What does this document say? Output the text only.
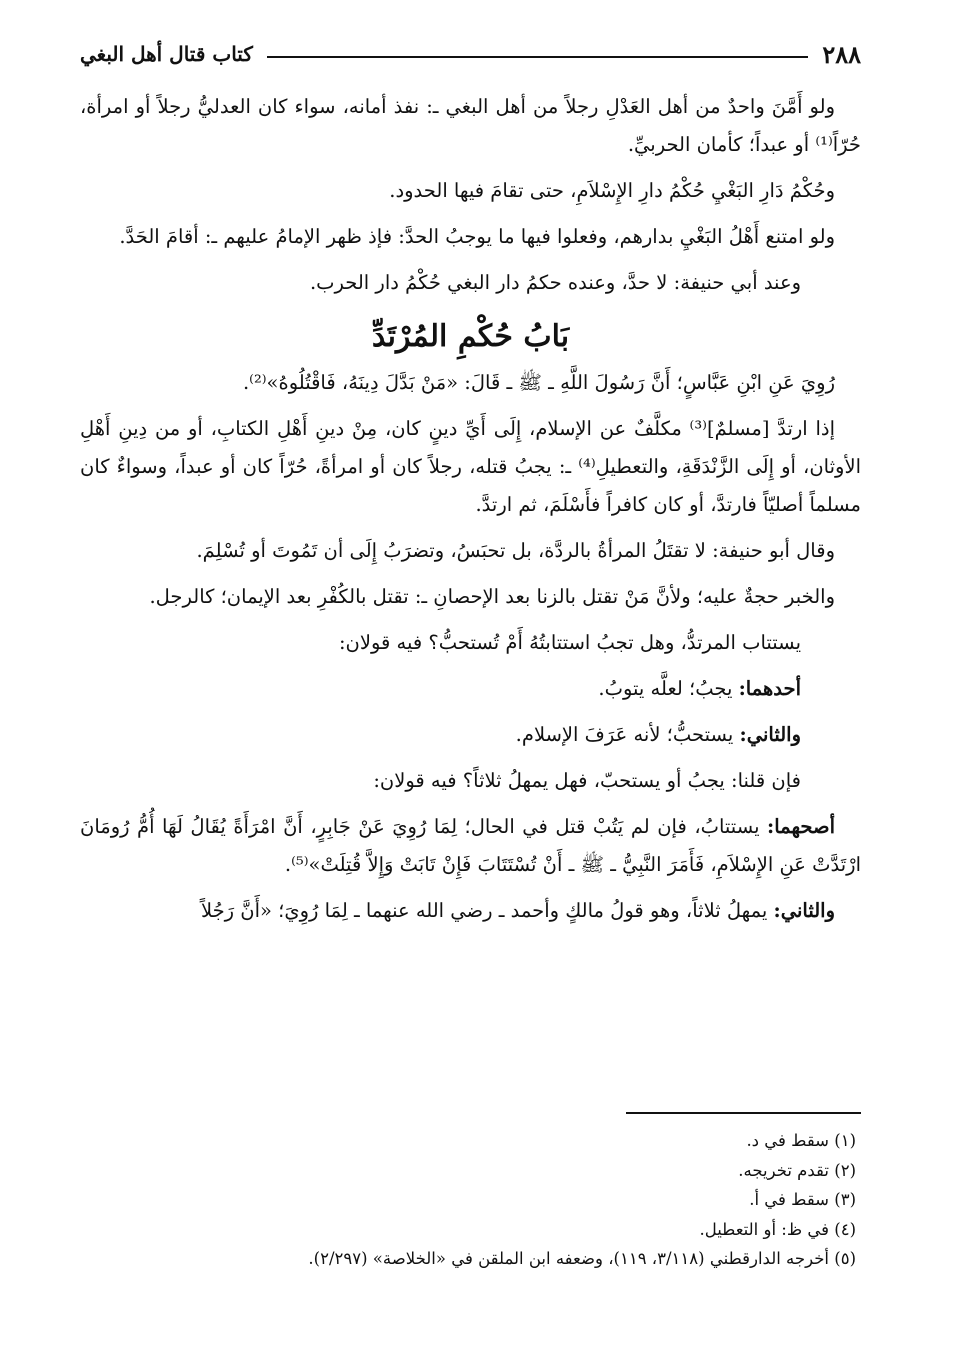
٢٨٨
كتاب قتال أهل البغي

ولو أَمَّنَ واحدٌ من أهل العَدْلِ رجلاً من أهل البغي ـ: نفذ أمانه، سواء كان العدليُّ رجلاً أو امرأة، حُرّاً⁽¹⁾ أو عبداً؛ كأمان الحربيِّ.

وحُكْمُ دَارِ البَغْيِ حُكْمُ دارِ الإِسْلاَمِ، حتى تقامَ فيها الحدود.

ولو امتنع أَهْلُ البَغْيِ بدارهم، وفعلوا فيها ما يوجبُ الحدَّ: فإذ ظهر الإمامُ عليهم ـ: أقامَ الحَدَّ.

وعند أبي حنيفة: لا حدَّ، وعنده حكمُ دار البغي حُكْمُ دار الحرب.

بَابُ حُكْمِ المُرْتَدِّ

رُوِيَ عَنِ ابْنِ عَبَّاسٍ؛ أَنَّ رَسُولَ اللَّهِ ـ ﷺ ـ قَالَ: «مَنْ بَدَّلَ دِينَهُ، فَاقْتُلُوهُ»⁽²⁾.

إذا ارتدَّ [مسلمٌ]⁽³⁾ مكلَّفٌ عن الإسلام، إِلَى أَيِّ دينٍ كان، مِنْ دينِ أَهْلِ الكتابِ، أو من دِينِ أَهْلِ الأوثان، أو إِلَى الزَّنْدَقَةِ، والتعطيلِ⁽⁴⁾ ـ: يجبُ قتله، رجلاً كان أو امرأةً، حُرّاً كان أو عبداً، وسواءٌ كان مسلماً أصليّاً فارتدَّ، أو كان كافراً فأَسْلَمَ، ثم ارتدَّ.

وقال أبو حنيفة: لا تقتَلُ المرأةُ بالردَّة، بل تحبَسُ، وتضرَبُ إِلَى أن تَمُوتَ أو تُسْلِمَ.

والخبر حجةٌ عليه؛ ولأنَّ مَنْ تقتل بالزنا بعد الإحصانِ ـ: تقتل بالكُفْرِ بعد الإيمان؛ كالرجل.

يستتاب المرتدُّ، وهل تجبُ استتابتُهُ أَمْ تُستحبُّ؟ فيه قولان:

أحدهما: يجبُ؛ لعلَّه يتوبُ.

والثاني: يستحبُّ؛ لأنه عَرَفَ الإسلام.

فإن قلنا: يجبُ أو يستحبّ، فهل يمهلُ ثلاثاً؟ فيه قولان:

أصحهما: يستتابُ، فإن لم يَتُبْ قتل في الحال؛ لِمَا رُوِيَ عَنْ جَابِرٍ، أَنَّ امْرَأَةً يُقَالُ لَهَا أُمُّ رُومَانَ ارْتَدَّتْ عَنِ الإِسْلاَمِ، فَأَمَرَ النَّبِيُّ ـ ﷺ ـ أَنْ تُسْتَتَابَ فَإِنْ تَابَتْ وَإِلاَّ قُتِلَتْ»⁽⁵⁾.

والثاني: يمهلُ ثلاثاً، وهو قولُ مالكٍ وأحمد ـ رضي الله عنهما ـ لِمَا رُوِيَ؛ «أَنَّ رَجُلاً

(١) سقط في د.
(٢) تقدم تخريجه.
(٣) سقط في أ.
(٤) في ظ: أو التعطيل.
(٥) أخرجه الدارقطني (٣/١١٨، ١١٩)، وضعفه ابن الملقن في «الخلاصة» (٢/٢٩٧).
